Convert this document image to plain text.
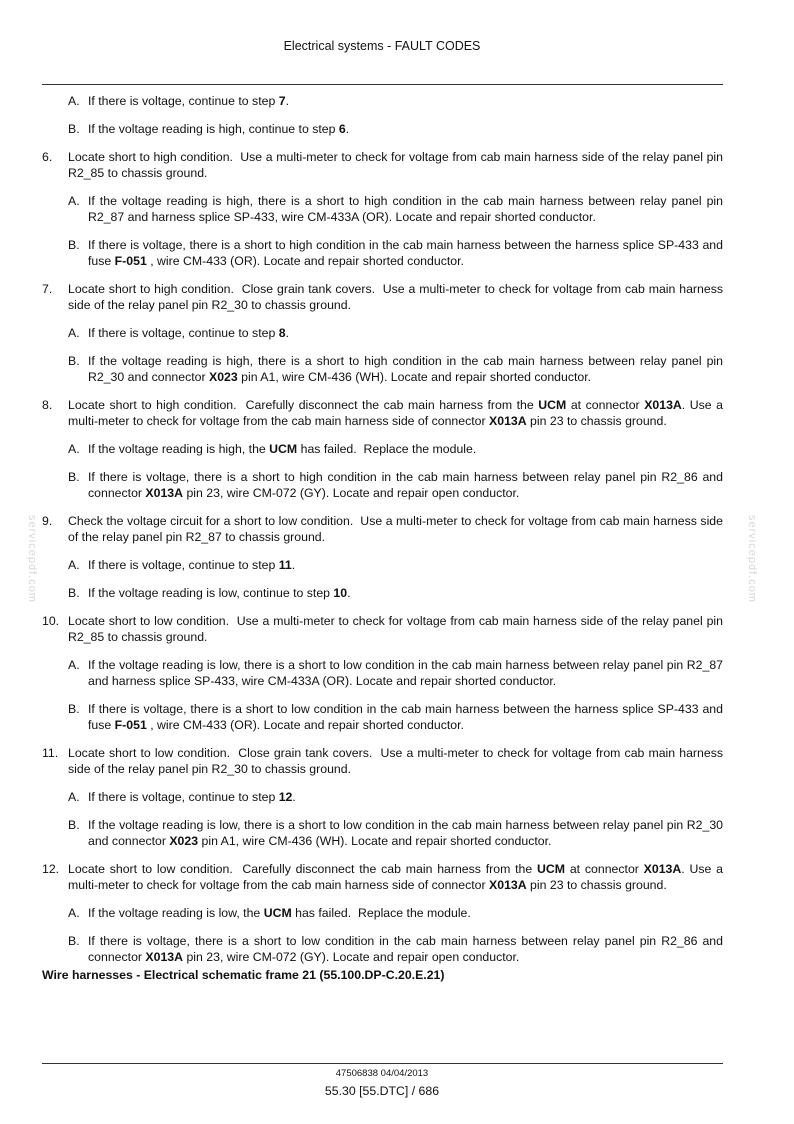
Electrical systems - FAULT CODES
servicepdf.com	servicepdf.com
A. If there is voltage, continue to step 7.
B. If the voltage reading is high, continue to step 6.
6. Locate short to high condition.  Use a multi-meter to check for voltage from cab main harness side of the relay panel pin R2_85 to chassis ground.
A. If the voltage reading is high, there is a short to high condition in the cab main harness between relay panel pin R2_87 and harness splice SP-433, wire CM-433A (OR). Locate and repair shorted conductor.
B. If there is voltage, there is a short to high condition in the cab main harness between the harness splice SP-433 and fuse F-051 , wire CM-433 (OR). Locate and repair shorted conductor.
7. Locate short to high condition.  Close grain tank covers.  Use a multi-meter to check for voltage from cab main harness side of the relay panel pin R2_30 to chassis ground.
A. If there is voltage, continue to step 8.
B. If the voltage reading is high, there is a short to high condition in the cab main harness between relay panel pin R2_30 and connector X023 pin A1, wire CM-436 (WH). Locate and repair shorted conductor.
8. Locate short to high condition.  Carefully disconnect the cab main harness from the UCM at connector X013A. Use a multi-meter to check for voltage from the cab main harness side of connector X013A pin 23 to chassis ground.
A. If the voltage reading is high, the UCM has failed.  Replace the module.
B. If there is voltage, there is a short to high condition in the cab main harness between relay panel pin R2_86 and connector X013A pin 23, wire CM-072 (GY). Locate and repair open conductor.
9. Check the voltage circuit for a short to low condition.  Use a multi-meter to check for voltage from cab main harness side of the relay panel pin R2_87 to chassis ground.
A. If there is voltage, continue to step 11.
B. If the voltage reading is low, continue to step 10.
10. Locate short to low condition.  Use a multi-meter to check for voltage from cab main harness side of the relay panel pin R2_85 to chassis ground.
A. If the voltage reading is low, there is a short to low condition in the cab main harness between relay panel pin R2_87 and harness splice SP-433, wire CM-433A (OR). Locate and repair shorted conductor.
B. If there is voltage, there is a short to low condition in the cab main harness between the harness splice SP-433 and fuse F-051 , wire CM-433 (OR). Locate and repair shorted conductor.
11. Locate short to low condition.  Close grain tank covers.  Use a multi-meter to check for voltage from cab main harness side of the relay panel pin R2_30 to chassis ground.
A. If there is voltage, continue to step 12.
B. If the voltage reading is low, there is a short to low condition in the cab main harness between relay panel pin R2_30 and connector X023 pin A1, wire CM-436 (WH). Locate and repair shorted conductor.
12. Locate short to low condition.  Carefully disconnect the cab main harness from the UCM at connector X013A. Use a multi-meter to check for voltage from the cab main harness side of connector X013A pin 23 to chassis ground.
A. If the voltage reading is low, the UCM has failed.  Replace the module.
B. If there is voltage, there is a short to low condition in the cab main harness between relay panel pin R2_86 and connector X013A pin 23, wire CM-072 (GY). Locate and repair open conductor.
Wire harnesses - Electrical schematic frame 21 (55.100.DP-C.20.E.21)
47506838 04/04/2013
55.30 [55.DTC] / 686
